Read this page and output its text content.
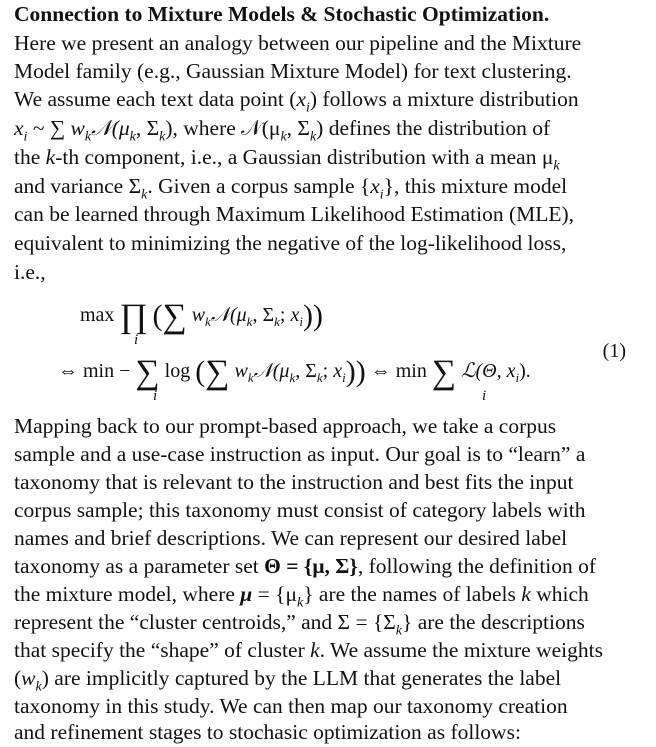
Connection to Mixture Models & Stochastic Optimization.
Here we present an analogy between our pipeline and the Mixture
Model family (e.g., Gaussian Mixture Model) for text clustering.
We assume each text data point $(x_i)$ follows a mixture distribution
$x_i$ ~ ∑ $w_k𝒩(\mu_k$, $\Sigma_k$), where $𝒩(\mu_k$, $\Sigma_k$) defines the distribution of
the k-th component, i.e., a Gaussian distribution with a mean $\mu_k$
and variance $\Sigma_k$. Given a corpus sample $\{x_i\}$, this mixture model
can be learned through Maximum Likelihood Estimation (MLE),
equivalent to minimizing the negative of the log-likelihood loss,
i.e.,
max ∏ (∑ $w_k𝒩(\mu_k$, $\Sigma_k$; $x_i$))
i
⇔ min − ∑ log (∑ $w_k𝒩(\mu_k$, $\Sigma_k$; $x_i$)) ⇔ min ∑ ℒ(Θ, $x_i$).
i	i
(1)
Mapping back to our prompt-based approach, we take a corpus
sample and a use-case instruction as input. Our goal is to “learn” a
taxonomy that is relevant to the instruction and best fits the input
corpus sample; this taxonomy must consist of category labels with
names and brief descriptions. We can represent our desired label
taxonomy as a parameter set Θ = {μ, Σ}, following the definition of
the mixture model, where $\mu = \{\mu_k\}$ are the names of labels k which
represent the “cluster centroids,” and $\Sigma = \{\Sigma_k\}$ are the descriptions
that specify the “shape” of cluster k. We assume the mixture weights
$(w_k)$ are implicitly captured by the LLM that generates the label
taxonomy in this study. We can then map our taxonomy creation
and refinement stages to stochasic optimization as follows:
